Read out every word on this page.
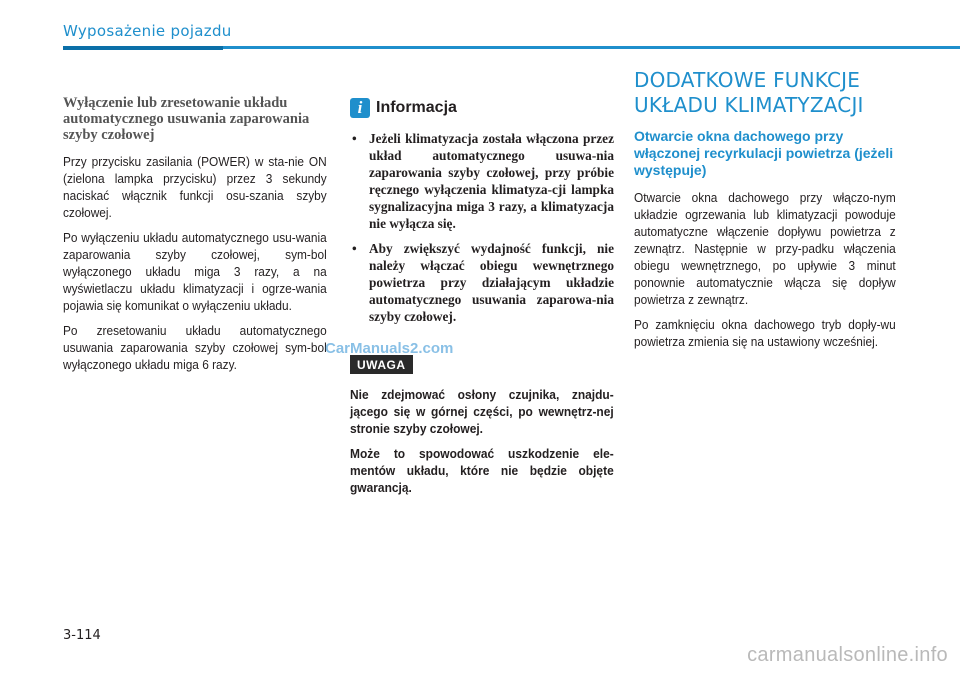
Wyposażenie pojazdu
Wyłączenie lub zresetowanie układu automatycznego usuwania zaparowania szyby czołowej

Przy przycisku zasilania (POWER) w sta-nie ON (zielona lampka przycisku) przez 3 sekundy naciskać włącznik funkcji osu-szania szyby czołowej.

Po wyłączeniu układu automatycznego usu-wania zaparowania szyby czołowej, sym-bol wyłączonego układu miga 3 razy, a na wyświetlaczu układu klimatyzacji i ogrze-wania pojawia się komunikat o wyłączeniu układu.

Po zresetowaniu układu automatycznego usuwania zaparowania szyby czołowej sym-bol wyłączonego układu miga 6 razy.

i Informacja
• Jeżeli klimatyzacja została włączona przez układ automatycznego usuwa-nia zaparowania szyby czołowej, przy próbie ręcznego wyłączenia klimatyza-cji lampka sygnalizacyjna miga 3 razy, a klimatyzacja nie wyłącza się.
• Aby zwiększyć wydajność funkcji, nie należy włączać obiegu wewnętrznego powietrza przy działającym układzie automatycznego usuwania zaparowa-nia szyby czołowej.
UWAGA

Nie zdejmować osłony czujnika, znajdu-jącego się w górnej części, po wewnętrz-nej stronie szyby czołowej.

Może to spowodować uszkodzenie ele-mentów układu, które nie będzie objęte gwarancją.

CarManuals2.com
DODATKOWE FUNKCJE
UKŁADU KLIMATYZACJI
Otwarcie okna dachowego przy włączonej recyrkulacji powietrza (jeżeli występuje)

Otwarcie okna dachowego przy włączo-nym układzie ogrzewania lub klimatyzacji powoduje automatyczne włączenie dopływu powietrza z zewnątrz. Następnie w przy-padku włączenia obiegu wewnętrznego, po upływie 3 minut ponownie automatycznie włącza się dopływ powietrza z zewnątrz.

Po zamknięciu okna dachowego tryb dopły-wu powietrza zmienia się na ustawiony wcześniej.

3-114
carmanualsonline.info
